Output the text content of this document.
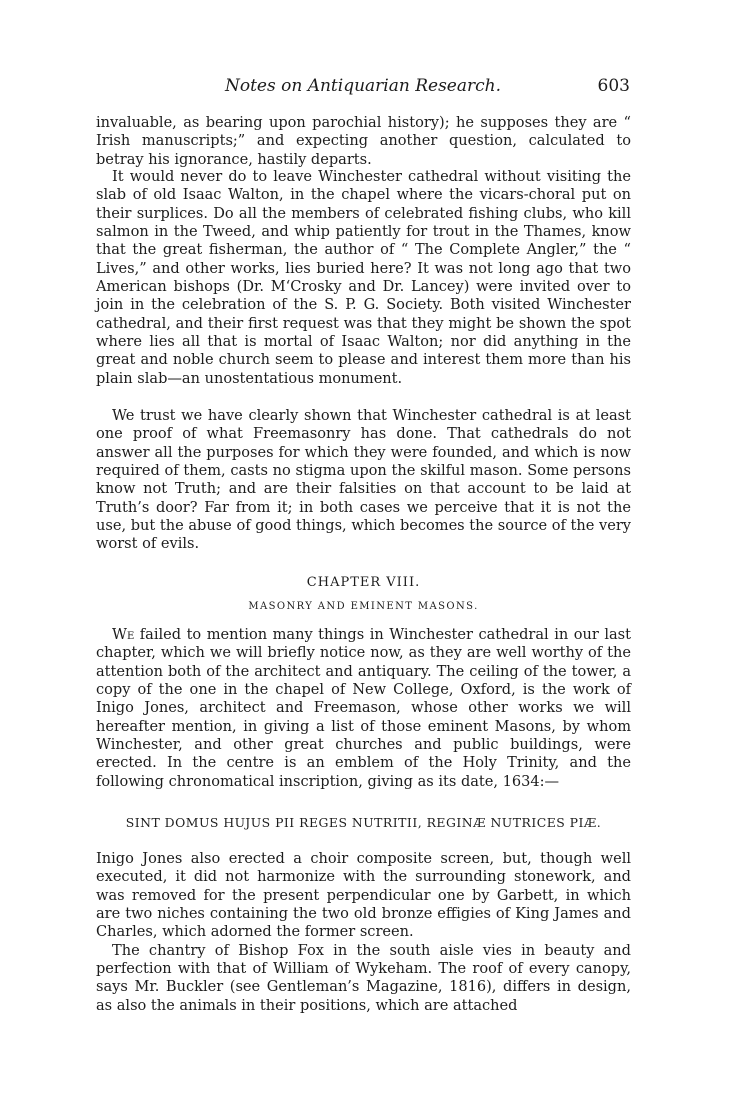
Notes on Antiquarian Research.	603

invaluable, as bearing upon parochial history); he supposes they are “ Irish manuscripts;” and expecting another question, calculated to betray his ignorance, hastily departs.

It would never do to leave Winchester cathedral without visiting the slab of old Isaac Walton, in the chapel where the vicars-choral put on their surplices. Do all the members of celebrated fishing clubs, who kill salmon in the Tweed, and whip patiently for trout in the Thames, know that the great fisherman, the author of “ The Complete Angler,” the “ Lives,” and other works, lies buried here? It was not long ago that two American bishops (Dr. M‘Crosky and Dr. Lancey) were invited over to join in the celebration of the S. P. G. Society. Both visited Winchester cathedral, and their first request was that they might be shown the spot where lies all that is mortal of Isaac Walton; nor did anything in the great and noble church seem to please and interest them more than his plain slab—an unostentatious monument.

We trust we have clearly shown that Winchester cathedral is at least one proof of what Freemasonry has done. That cathedrals do not answer all the purposes for which they were founded, and which is now required of them, casts no stigma upon the skilful mason. Some persons know not Truth; and are their falsities on that account to be laid at Truth’s door? Far from it; in both cases we perceive that it is not the use, but the abuse of good things, which becomes the source of the very worst of evils.

CHAPTER VIII.
MASONRY AND EMINENT MASONS.

We failed to mention many things in Winchester cathedral in our last chapter, which we will briefly notice now, as they are well worthy of the attention both of the architect and antiquary. The ceiling of the tower, a copy of the one in the chapel of New College, Oxford, is the work of Inigo Jones, architect and Freemason, whose other works we will hereafter mention, in giving a list of those eminent Masons, by whom Winchester, and other great churches and public buildings, were erected. In the centre is an emblem of the Holy Trinity, and the following chronomatical inscription, giving as its date, 1634:—

SINT DOMUS HUJUS PII REGES NUTRITII, REGINÆ NUTRICES PIÆ.

Inigo Jones also erected a choir composite screen, but, though well executed, it did not harmonize with the surrounding stonework, and was removed for the present perpendicular one by Garbett, in which are two niches containing the two old bronze effigies of King James and Charles, which adorned the former screen.

The chantry of Bishop Fox in the south aisle vies in beauty and perfection with that of William of Wykeham. The roof of every canopy, says Mr. Buckler (see Gentleman’s Magazine, 1816), differs in design, as also the animals in their positions, which are attached
